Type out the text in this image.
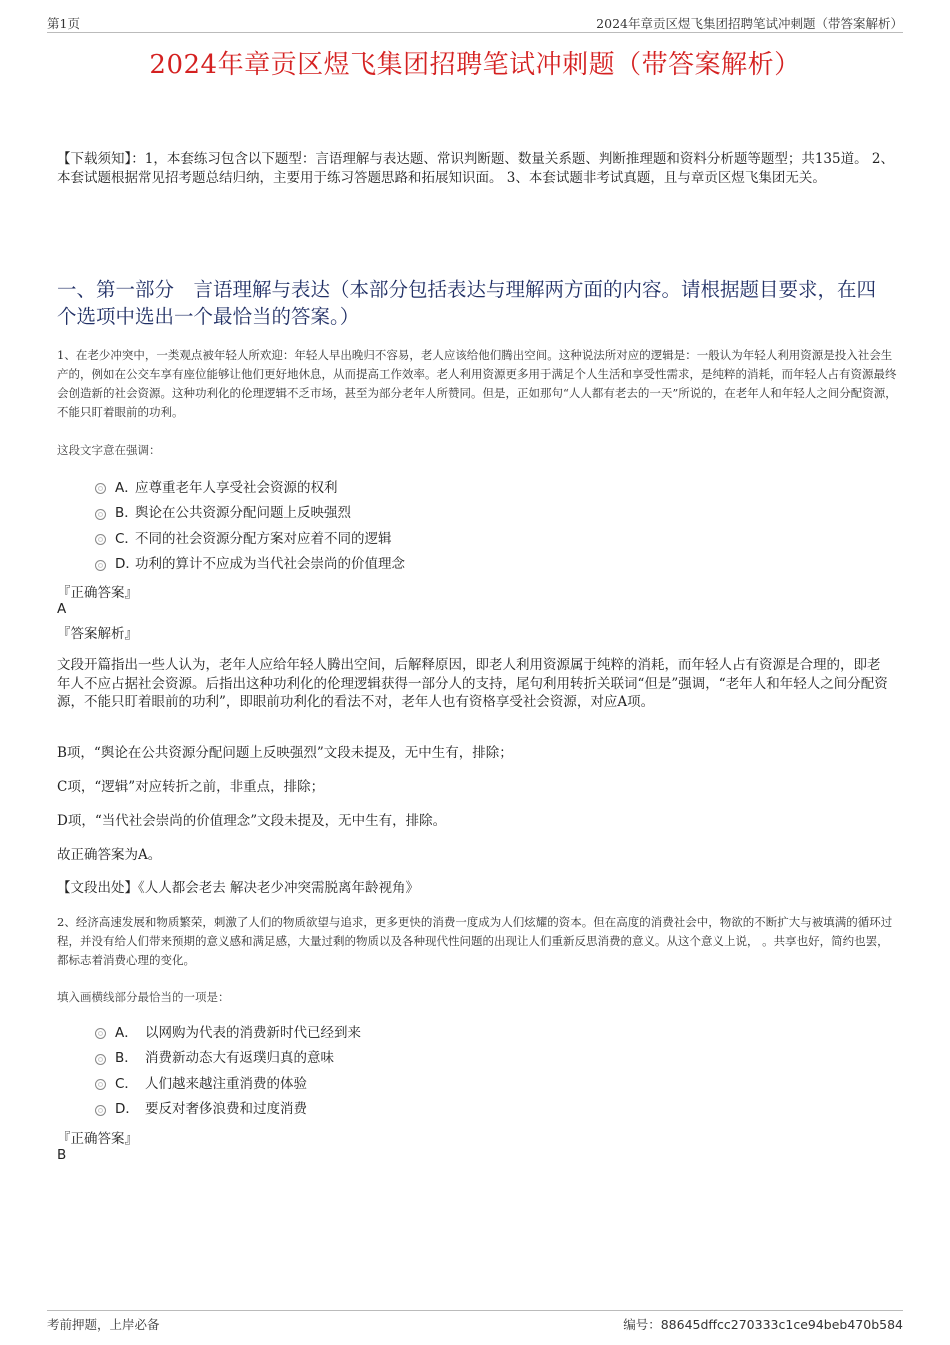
第1页	2024年章贡区煜飞集团招聘笔试冲刺题（带答案解析）
2024年章贡区煜飞集团招聘笔试冲刺题（带答案解析）
【下载须知】：1，本套练习包含以下题型：言语理解与表达题、常识判断题、数量关系题、判断推理题和资料分析题等题型；共135道。 2、本套试题根据常见招考题总结归纳，主要用于练习答题思路和拓展知识面。 3、本套试题非考试真题，且与章贡区煜飞集团无关。
一、第一部分　言语理解与表达（本部分包括表达与理解两方面的内容。请根据题目要求，在四个选项中选出一个最恰当的答案。）
1、在老少冲突中，一类观点被年轻人所欢迎：年轻人早出晚归不容易，老人应该给他们腾出空间。这种说法所对应的逻辑是：一般认为年轻人利用资源是投入社会生产的，例如在公交车享有座位能够让他们更好地休息，从而提高工作效率。老人利用资源更多用于满足个人生活和享受性需求，是纯粹的消耗，而年轻人占有资源最终会创造新的社会资源。这种功利化的伦理逻辑不乏市场，甚至为部分老年人所赞同。但是，正如那句“人人都有老去的一天”所说的，在老年人和年轻人之间分配资源，不能只盯着眼前的功利。
这段文字意在强调：
A．
应尊重老年人享受社会资源的权利
B．
舆论在公共资源分配问题上反映强烈
C．
不同的社会资源分配方案对应着不同的逻辑
D．
功利的算计不应成为当代社会崇尚的价值理念
『正确答案』
A
『答案解析』
文段开篇指出一些人认为，老年人应给年轻人腾出空间，后解释原因，即老人利用资源属于纯粹的消耗，而年轻人占有资源是合理的，即老年人不应占据社会资源。后指出这种功利化的伦理逻辑获得一部分人的支持，尾句利用转折关联词“但是”强调，“老年人和年轻人之间分配资源，不能只盯着眼前的功利”，即眼前功利化的看法不对，老年人也有资格享受社会资源，对应A项。
B项，“舆论在公共资源分配问题上反映强烈”文段未提及，无中生有，排除；
C项，“逻辑”对应转折之前，非重点，排除；
D项，“当代社会崇尚的价值理念”文段未提及，无中生有，排除。
故正确答案为A。
【文段出处】《人人都会老去 解决老少冲突需脱离年龄视角》
2、经济高速发展和物质繁荣，刺激了人们的物质欲望与追求，更多更快的消费一度成为人们炫耀的资本。但在高度的消费社会中，物欲的不断扩大与被填满的循环过程，并没有给人们带来预期的意义感和满足感，大量过剩的物质以及各种现代性问题的出现让人们重新反思消费的意义。从这个意义上说， 。共享也好，简约也罢，都标志着消费心理的变化。
填入画横线部分最恰当的一项是：
A． 以网购为代表的消费新时代已经到来
B． 消费新动态大有返璞归真的意味
C． 人们越来越注重消费的体验
D． 要反对奢侈浪费和过度消费
『正确答案』
B
考前押题，上岸必备	编号：88645dffcc270333c1ce94beb470b584
